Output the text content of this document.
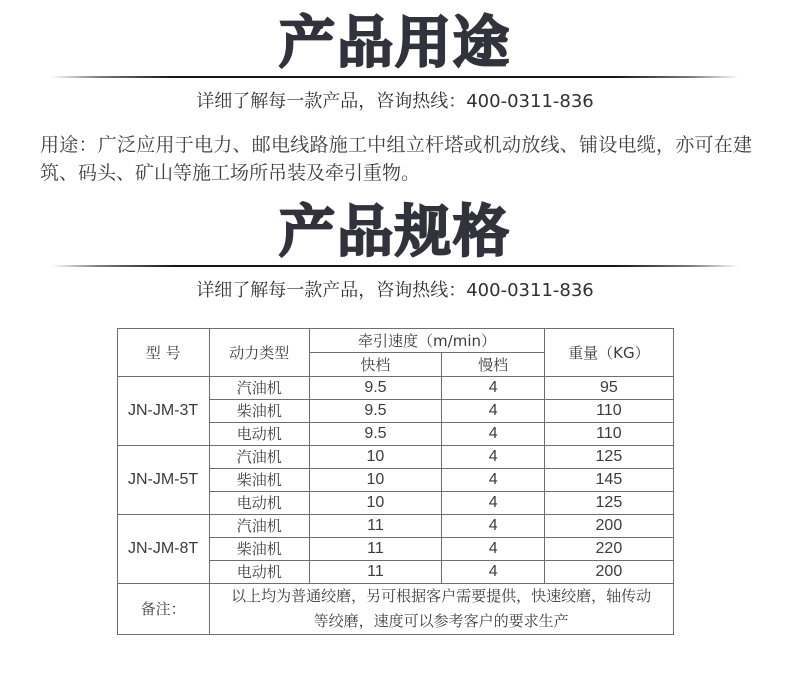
产品用途
详细了解每一款产品，咨询热线：400-0311-836
用途：广泛应用于电力、邮电线路施工中组立杆塔或机动放线、铺设电缆，亦可在建筑、码头、矿山等施工场所吊装及牵引重物。
产品规格
详细了解每一款产品，咨询热线：400-0311-836
型 号	动力类型	牵引速度（m/min）		重量（KG）
		快档	慢档	
JN-JM-3T	汽油机	9.5	4	95
	柴油机	9.5	4	110
	电动机	9.5	4	110
JN-JM-5T	汽油机	10	4	125
	柴油机	10	4	145
	电动机	10	4	125
JN-JM-8T	汽油机	11	4	200
	柴油机	11	4	220
	电动机	11	4	200
备注：	以上均为普通绞磨，另可根据客户需要提供，快速绞磨，轴传动
等绞磨，速度可以参考客户的要求生产			
